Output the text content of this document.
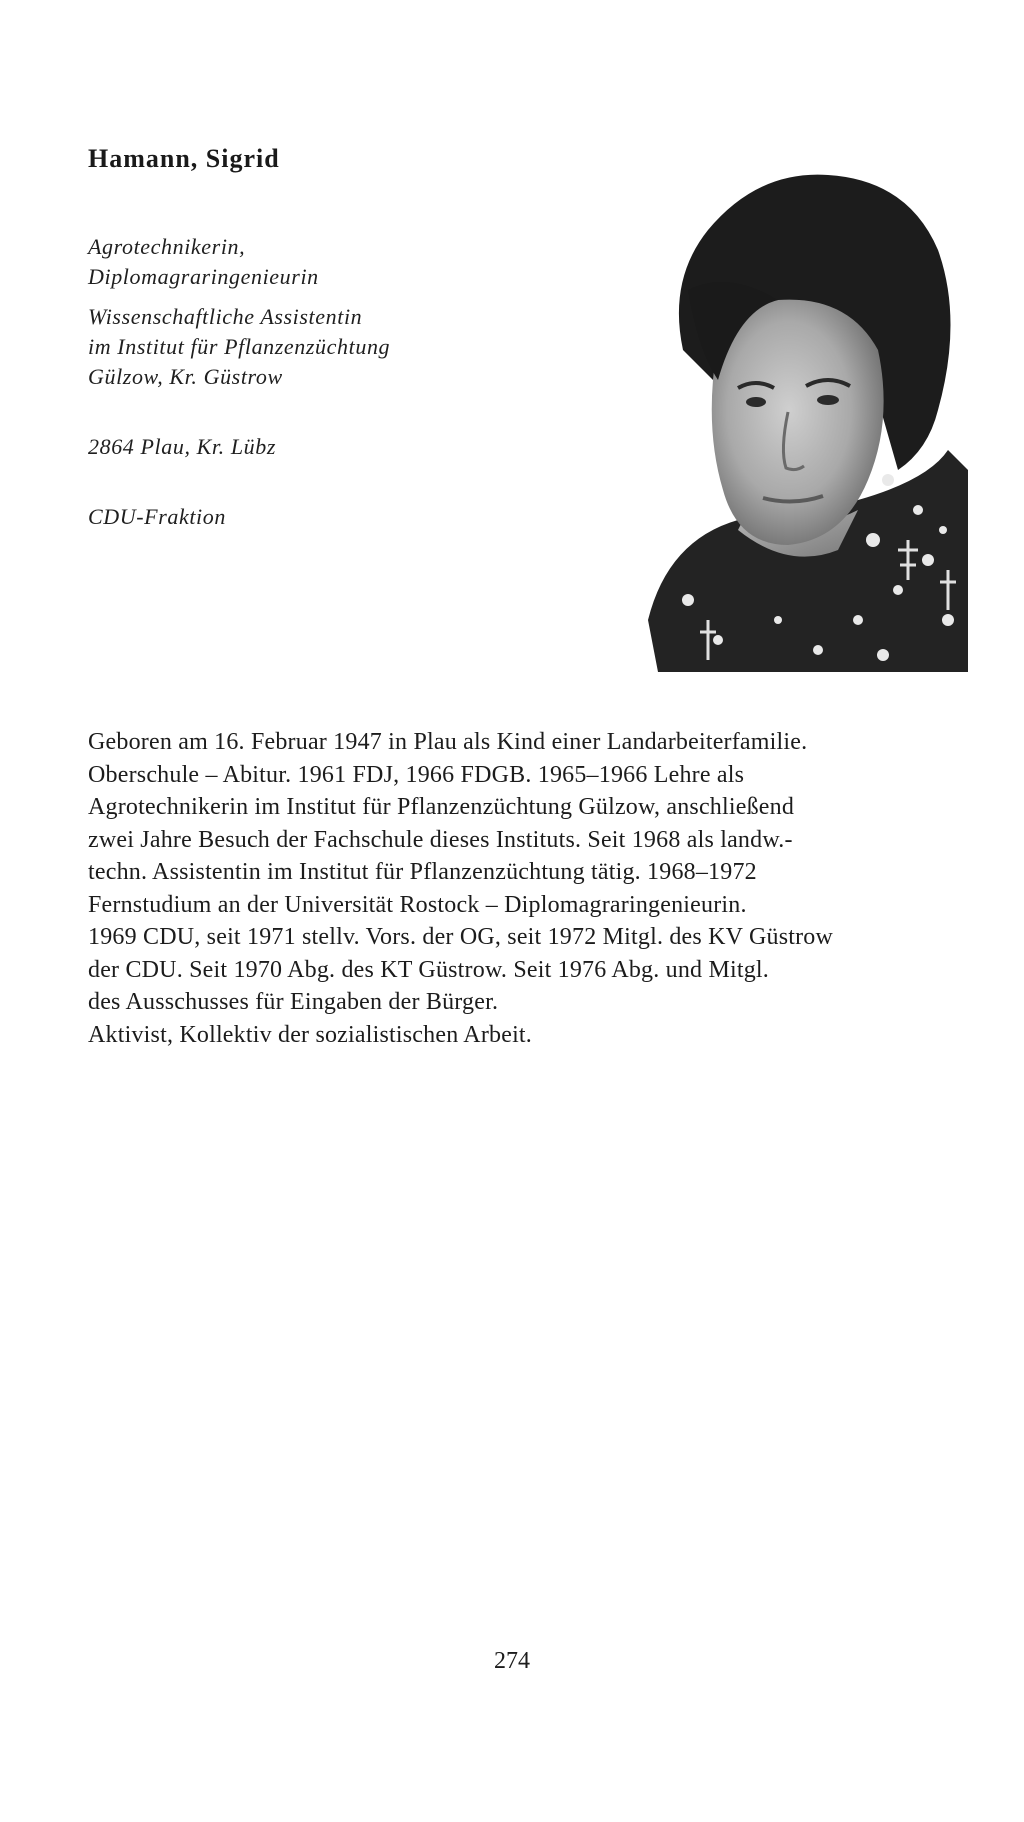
Hamann, Sigrid
Agrotechnikerin,
Diplomagraringenieurin
Wissenschaftliche Assistentin
im Institut für Pflanzenzüchtung
Gülzow, Kr. Güstrow
2864 Plau, Kr. Lübz
CDU-Fraktion
Geboren am 16. Februar 1947 in Plau als Kind einer Landarbeiterfamilie.
Oberschule – Abitur. 1961 FDJ, 1966 FDGB. 1965–1966 Lehre als
Agrotechnikerin im Institut für Pflanzenzüchtung Gülzow, anschließend
zwei Jahre Besuch der Fachschule dieses Instituts. Seit 1968 als landw.-
techn. Assistentin im Institut für Pflanzenzüchtung tätig. 1968–1972
Fernstudium an der Universität Rostock – Diplomagraringenieurin.
1969 CDU, seit 1971 stellv. Vors. der OG, seit 1972 Mitgl. des KV Güstrow
der CDU. Seit 1970 Abg. des KT Güstrow. Seit 1976 Abg. und Mitgl.
des Ausschusses für Eingaben der Bürger.
Aktivist, Kollektiv der sozialistischen Arbeit.
274
